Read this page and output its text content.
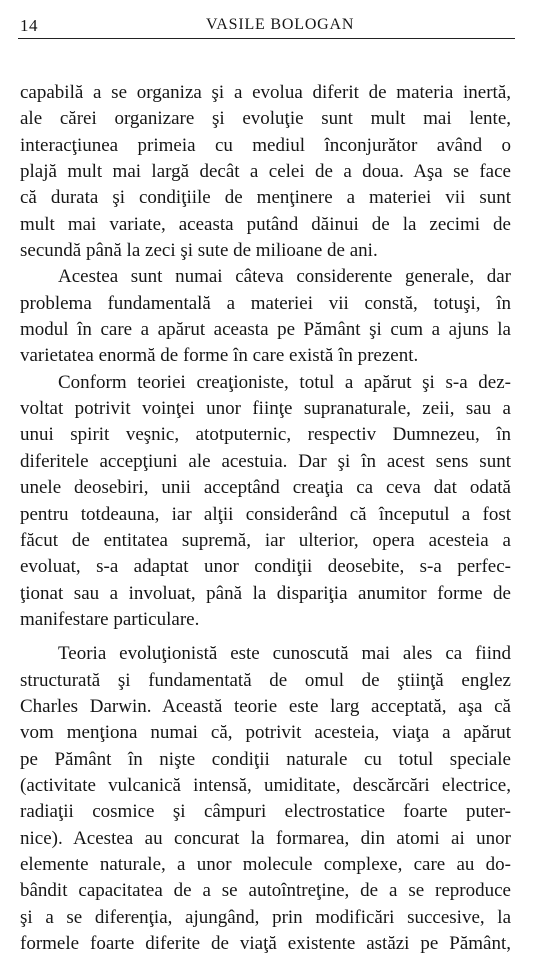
14	VASILE BOLOGAN
capabilă a se organiza şi a evolua diferit de materia inertă,
ale cărei organizare şi evoluţie sunt mult mai lente,
interacţiunea primeia cu mediul înconjurător având o
plajă mult mai largă decât a celei de a doua. Aşa se face
că durata şi condiţiile de menţinere a materiei vii sunt
mult mai variate, aceasta putând dăinui de la zecimi de
secundă până la zeci şi sute de milioane de ani.
Acestea sunt numai câteva considerente generale, dar
problema fundamentală a materiei vii constă, totuşi, în
modul în care a apărut aceasta pe Pământ şi cum a ajuns la
varietatea enormă de forme în care există în prezent.
Conform teoriei creaţioniste, totul a apărut şi s-a dez-
voltat potrivit voinţei unor fiinţe supranaturale, zeii, sau a
unui spirit veşnic, atotputernic, respectiv Dumnezeu, în
diferitele accepţiuni ale acestuia. Dar şi în acest sens sunt
unele deosebiri, unii acceptând creaţia ca ceva dat odată
pentru totdeauna, iar alţii considerând că începutul a fost
făcut de entitatea supremă, iar ulterior, opera acesteia a
evoluat, s-a adaptat unor condiţii deosebite, s-a perfec-
ţionat sau a involuat, până la dispariţia anumitor forme de
manifestare particulare.
Teoria evoluţionistă este cunoscută mai ales ca fiind
structurată şi fundamentată de omul de ştiinţă englez
Charles Darwin. Această teorie este larg acceptată, aşa că
vom menţiona numai că, potrivit acesteia, viaţa a apărut
pe Pământ în nişte condiţii naturale cu totul speciale
(activitate vulcanică intensă, umiditate, descărcări electrice,
radiaţii cosmice şi câmpuri electrostatice foarte puter-
nice). Acestea au concurat la formarea, din atomi ai unor
elemente naturale, a unor molecule complexe, care au do-
bândit capacitatea de a se autoîntreţine, de a se reproduce
şi a se diferenţia, ajungând, prin modificări succesive, la
formele foarte diferite de viaţă existente astăzi pe Pământ,
